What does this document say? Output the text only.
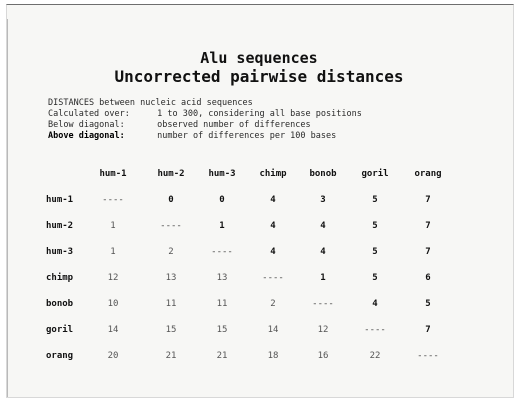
Alu sequences
Uncorrected pairwise distances
DISTANCES between nucleic acid sequences
Calculated over:	1 to 300, considering all base positions
Below diagonal:	observed number of differences
Above diagonal:	number of differences per 100 bases
hum-1	hum-2	hum-3	chimp	bonob	goril	orang
hum-1	----	0	0	4	3	5	7
hum-2	1	----	1	4	4	5	7
hum-3	1	2	----	4	4	5	7
chimp	12	13	13	----	1	5	6
bonob	10	11	11	2	----	4	5
goril	14	15	15	14	12	----	7
orang	20	21	21	18	16	22	----
